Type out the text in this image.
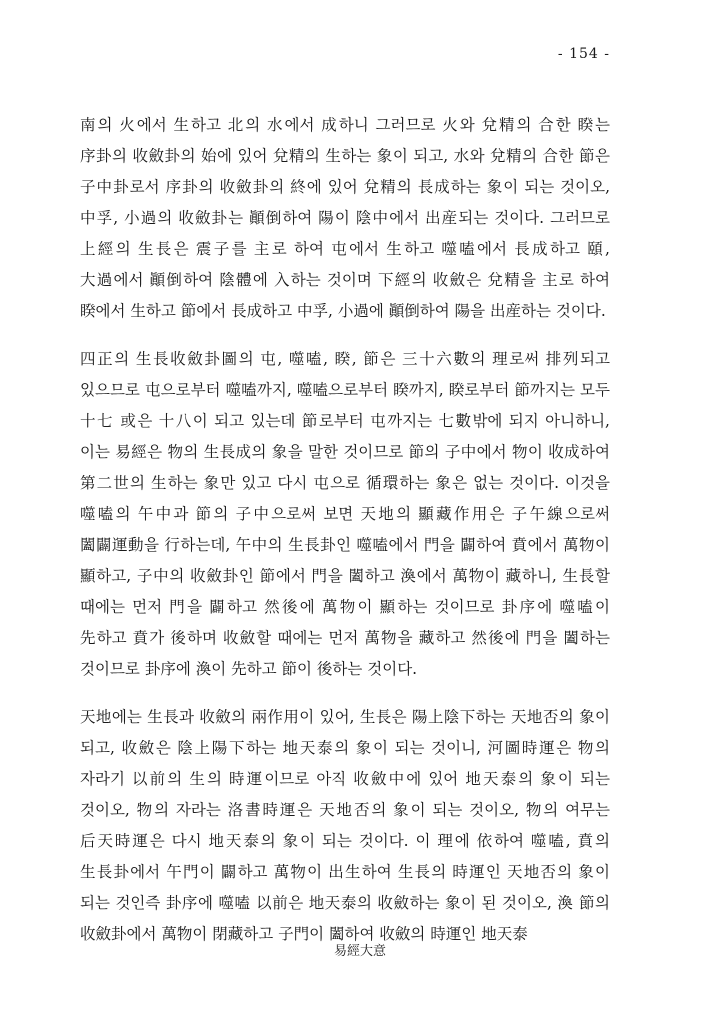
- 154 -

南의 火에서 生하고 北의 水에서 成하니 그러므로 火와 兌精의 合한 睽는 序卦의 收斂卦의 始에 있어 兌精의 生하는 象이 되고, 水와 兌精의 合한 節은 子中卦로서 序卦의 收斂卦의 終에 있어 兌精의 長成하는 象이 되는 것이오, 中孚, 小過의 收斂卦는 顚倒하여 陽이 陰中에서 出産되는 것이다. 그러므로 上經의 生長은 震子를 主로 하여 屯에서 生하고 噬嗑에서 長成하고 頤, 大過에서 顚倒하여 陰體에 入하는 것이며 下經의 收斂은 兌精을 主로 하여 睽에서 生하고 節에서 長成하고 中孚, 小過에 顚倒하여 陽을 出産하는 것이다.

四正의 生長收斂卦圖의 屯, 噬嗑, 睽, 節은 三十六數의 理로써 排列되고 있으므로 屯으로부터 噬嗑까지, 噬嗑으로부터 睽까지, 睽로부터 節까지는 모두 十七 或은 十八이 되고 있는데 節로부터 屯까지는 七數밖에 되지 아니하니, 이는 易經은 物의 生長成의 象을 말한 것이므로 節의 子中에서 物이 收成하여 第二世의 生하는 象만 있고 다시 屯으로 循環하는 象은 없는 것이다. 이것을 噬嗑의 午中과 節의 子中으로써 보면 天地의 顯藏作用은 子午線으로써 闔闢運動을 行하는데, 午中의 生長卦인 噬嗑에서 門을 闢하여 賁에서 萬物이 顯하고, 子中의 收斂卦인 節에서 門을 闔하고 渙에서 萬物이 藏하니, 生長할 때에는 먼저 門을 闢하고 然後에 萬物이 顯하는 것이므로 卦序에 噬嗑이 先하고 賁가 後하며 收斂할 때에는 먼저 萬物을 藏하고 然後에 門을 闔하는 것이므로 卦序에 渙이 先하고 節이 後하는 것이다.

天地에는 生長과 收斂의 兩作用이 있어, 生長은 陽上陰下하는 天地否의 象이 되고, 收斂은 陰上陽下하는 地天泰의 象이 되는 것이니, 河圖時運은 物의 자라기 以前의 生의 時運이므로 아직 收斂中에 있어 地天泰의 象이 되는 것이오, 物의 자라는 洛書時運은 天地否의 象이 되는 것이오, 物의 여무는 后天時運은 다시 地天泰의 象이 되는 것이다. 이 理에 依하여 噬嗑, 賁의 生長卦에서 午門이 闢하고 萬物이 出生하여 生長의 時運인 天地否의 象이 되는 것인즉 卦序에 噬嗑 以前은 地天泰의 收斂하는 象이 된 것이오, 渙 節의 收斂卦에서 萬物이 閉藏하고 子門이 闔하여 收斂의 時運인 地天泰

易經大意
